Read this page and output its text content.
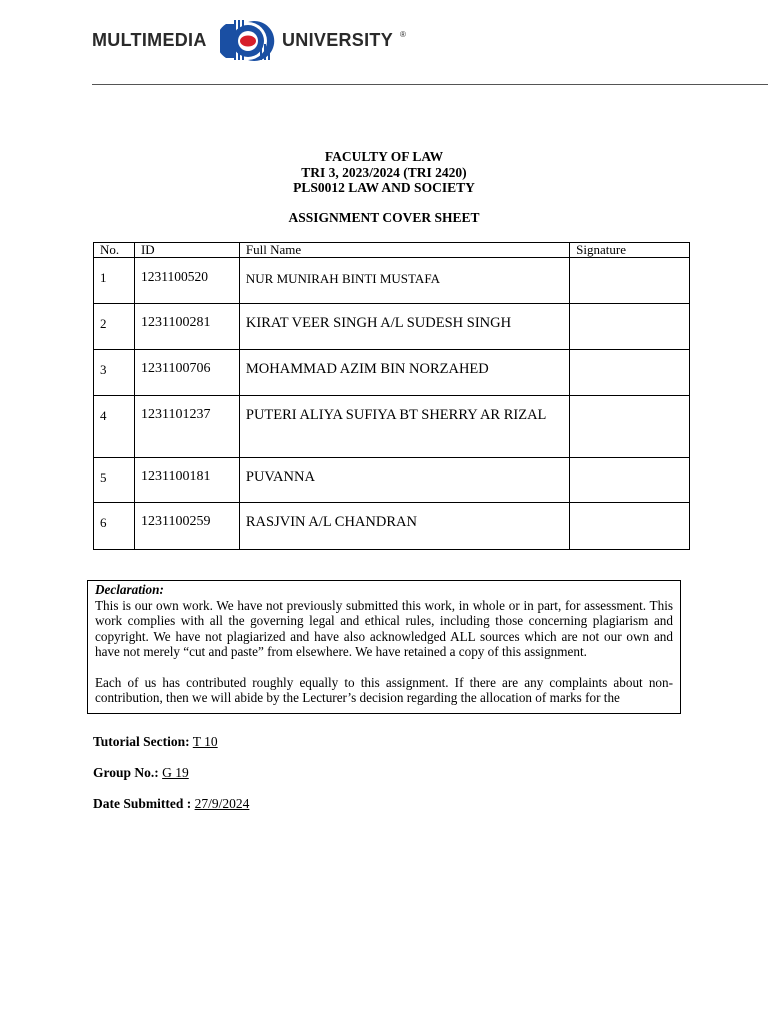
MULTIMEDIA	UNIVERSITY ®
FACULTY OF LAW
TRI 3, 2023/2024 (TRI 2420)
PLS0012 LAW AND SOCIETY
ASSIGNMENT COVER SHEET
No.	ID	Full Name	Signature
1	1231100520	NUR MUNIRAH BINTI MUSTAFA	
2	1231100281	KIRAT VEER SINGH A/L SUDESH SINGH	
3	1231100706	MOHAMMAD AZIM BIN NORZAHED	
4	1231101237	PUTERI ALIYA SUFIYA BT SHERRY AR RIZAL	
5	1231100181	PUVANNA	
6	1231100259	RASJVIN A/L CHANDRAN	
Declaration:

This is our own work. We have not previously submitted this work, in whole or in part, for assessment. This work complies with all the governing legal and ethical rules, including those concerning plagiarism and copyright. We have not plagiarized and have also acknowledged ALL sources which are not our own and have not merely “cut and paste” from elsewhere. We have retained a copy of this assignment.

Each of us has contributed roughly equally to this assignment. If there are any complaints about non-contribution, then we will abide by the Lecturer’s decision regarding the allocation of marks for the

Tutorial Section: T 10
Group No.: G 19
Date Submitted : 27/9/2024
